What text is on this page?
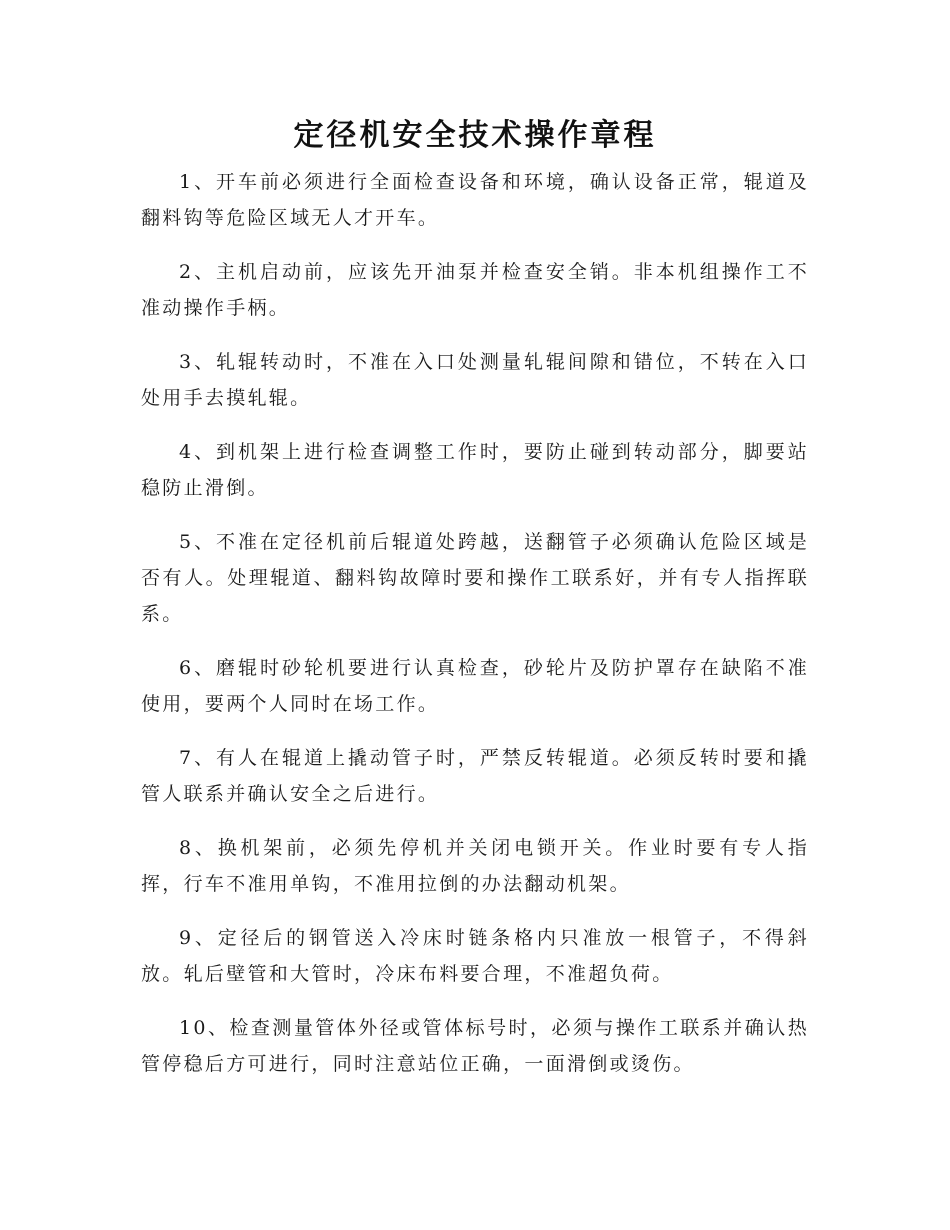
定径机安全技术操作章程

1、开车前必须进行全面检查设备和环境，确认设备正常，辊道及翻料钩等危险区域无人才开车。

2、主机启动前，应该先开油泵并检查安全销。非本机组操作工不准动操作手柄。

3、轧辊转动时，不准在入口处测量轧辊间隙和错位，不转在入口处用手去摸轧辊。

4、到机架上进行检查调整工作时，要防止碰到转动部分，脚要站稳防止滑倒。

5、不准在定径机前后辊道处跨越，送翻管子必须确认危险区域是否有人。处理辊道、翻料钩故障时要和操作工联系好，并有专人指挥联系。

6、磨辊时砂轮机要进行认真检查，砂轮片及防护罩存在缺陷不准使用，要两个人同时在场工作。

7、有人在辊道上撬动管子时，严禁反转辊道。必须反转时要和撬管人联系并确认安全之后进行。

8、换机架前，必须先停机并关闭电锁开关。作业时要有专人指挥，行车不准用单钩，不准用拉倒的办法翻动机架。

9、定径后的钢管送入冷床时链条格内只准放一根管子，不得斜放。轧后壁管和大管时，冷床布料要合理，不准超负荷。

10、检查测量管体外径或管体标号时，必须与操作工联系并确认热管停稳后方可进行，同时注意站位正确，一面滑倒或烫伤。
